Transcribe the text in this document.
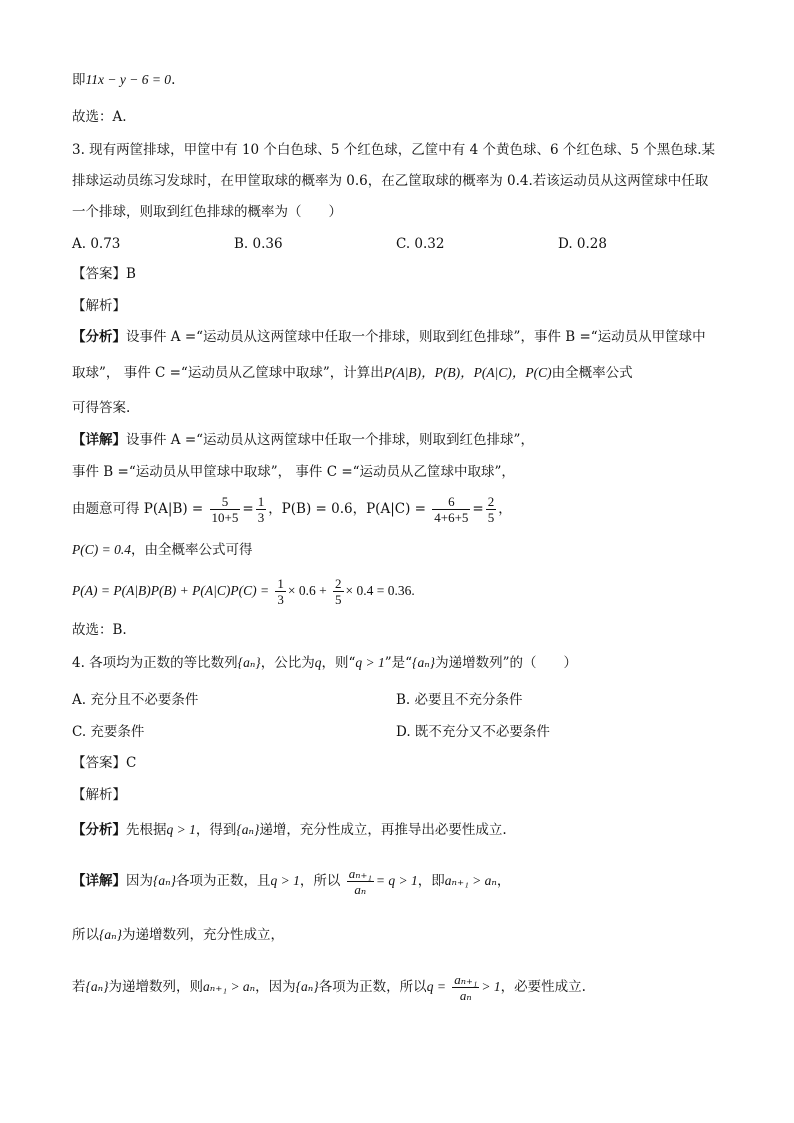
即11x − y − 6 = 0.
故选：A.
3. 现有两筐排球，甲筐中有 10 个白色球、5 个红色球，乙筐中有 4 个黄色球、6 个红色球、5 个黑色球.某
排球运动员练习发球时，在甲筐取球的概率为 0.6，在乙筐取球的概率为 0.4.若该运动员从这两筐球中任取
一个排球，则取到红色排球的概率为（　　）
A. 0.73	B. 0.36	C. 0.32	D. 0.28
【答案】B
【解析】
【分析】设事件 A =“运动员从这两筐球中任取一个排球，则取到红色排球”，事件 B =“运动员从甲筐球中
取球”， 事件 C =“运动员从乙筐球中取球”，计算出P(A|B)，P(B)，P(A|C)，P(C)由全概率公式
可得答案.
【详解】设事件 A =“运动员从这两筐球中任取一个排球，则取到红色排球”，
事件 B =“运动员从甲筐球中取球”， 事件 C =“运动员从乙筐球中取球”，
由题意可得 $P(A|B) = \frac{5}{10+5} = \frac{1}{3}$ ，P(B) = 0.6，$P(A|C) = \frac{6}{4+6+5} = \frac{2}{5}$ ，
P(C) = 0.4，由全概率公式可得
$P(A) = P(A|B)P(B) + P(A|C)P(C) = \frac{1}{3} \times 0.6 + \frac{2}{5} \times 0.4 = 0.36$.
故选：B.
4. 各项均为正数的等比数列{aₙ}，公比为q，则“q > 1”是“{aₙ}为递增数列”的（　　）
A. 充分且不必要条件	B. 必要且不充分条件
C. 充要条件	D. 既不充分又不必要条件
【答案】C
【解析】
【分析】先根据q > 1，得到{aₙ}递增，充分性成立，再推导出必要性成立.
【详解】因为{aₙ}各项为正数，且q > 1，所以 $\frac{\text{aₙ₊₁}}{\text{aₙ}} = q > 1$，即aₙ₊₁ > aₙ，
所以{aₙ}为递增数列，充分性成立，
若{aₙ}为递增数列，则aₙ₊₁ > aₙ，因为{aₙ}各项为正数，所以$q = \frac{\text{aₙ₊₁}}{\text{aₙ}} > 1$，必要性成立.
